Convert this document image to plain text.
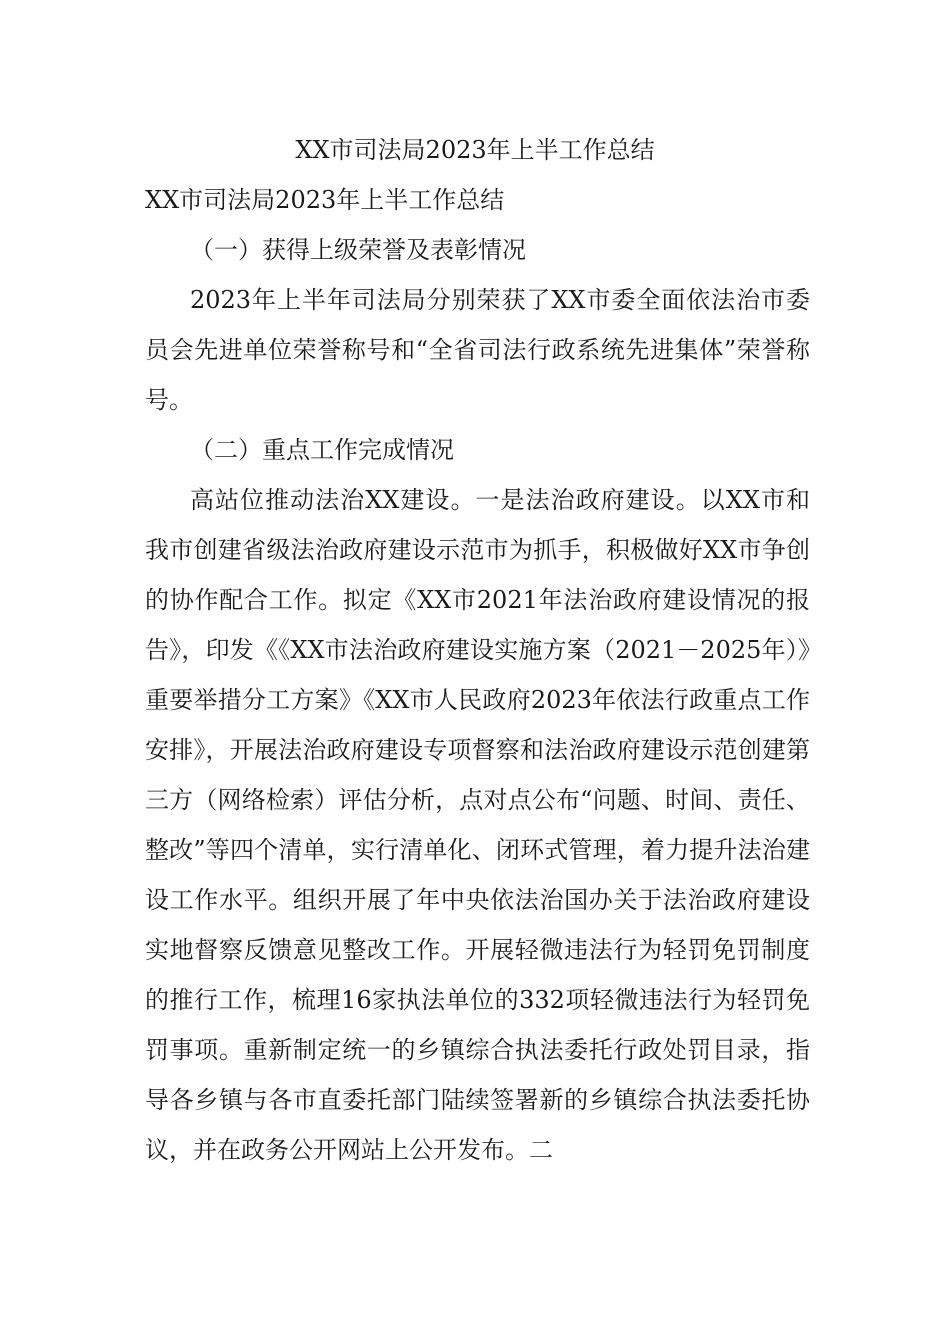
XX市司法局2023年上半工作总结

XX市司法局2023年上半工作总结

（一）获得上级荣誉及表彰情况

2023年上半年司法局分别荣获了XX市委全面依法治市委员会先进单位荣誉称号和“全省司法行政系统先进集体”荣誉称号。

（二）重点工作完成情况

高站位推动法治XX建设。一是法治政府建设。以XX市和我市创建省级法治政府建设示范市为抓手，积极做好XX市争创的协作配合工作。拟定《XX市2021年法治政府建设情况的报告》，印发《《XX市法治政府建设实施方案（2021－2025年）》重要举措分工方案》《XX市人民政府2023年依法行政重点工作安排》，开展法治政府建设专项督察和法治政府建设示范创建第三方（网络检索）评估分析，点对点公布“问题、时间、责任、整改”等四个清单，实行清单化、闭环式管理，着力提升法治建设工作水平。组织开展了年中央依法治国办关于法治政府建设实地督察反馈意见整改工作。开展轻微违法行为轻罚免罚制度的推行工作，梳理16家执法单位的332项轻微违法行为轻罚免罚事项。重新制定统一的乡镇综合执法委托行政处罚目录，指导各乡镇与各市直委托部门陆续签署新的乡镇综合执法委托协议，并在政务公开网站上公开发布。二
